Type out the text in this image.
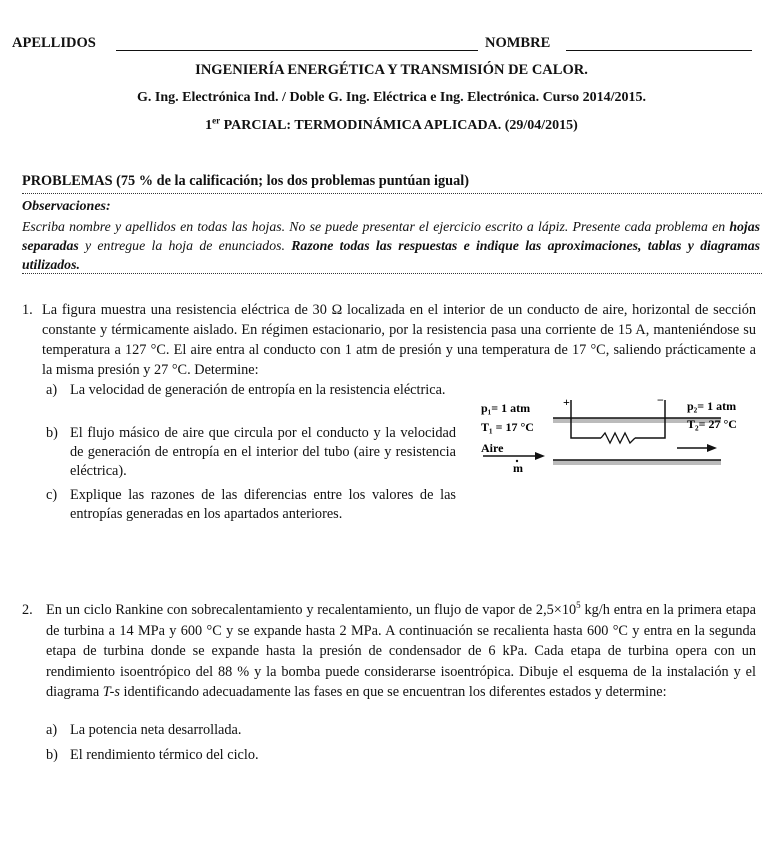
APELLIDOS	NOMBRE
INGENIERÍA ENERGÉTICA Y TRANSMISIÓN DE CALOR.
G. Ing. Electrónica Ind. / Doble G. Ing. Eléctrica e Ing. Electrónica. Curso 2014/2015.
1er PARCIAL: TERMODINÁMICA APLICADA. (29/04/2015)
PROBLEMAS (75 % de la calificación; los dos problemas puntúan igual)
Observaciones:
Escriba nombre y apellidos en todas las hojas. No se puede presentar el ejercicio escrito a lápiz. Presente cada problema en hojas separadas y entregue la hoja de enunciados. Razone todas las respuestas e indique las aproximaciones, tablas y diagramas utilizados.
1. La figura muestra una resistencia eléctrica de 30 Ω localizada en el interior de un conducto de aire, horizontal de sección constante y térmicamente aislado. En régimen estacionario, por la resistencia pasa una corriente de 15 A, manteniéndose su temperatura a 127 °C. El aire entra al conducto con 1 atm de presión y una temperatura de 17 °C, saliendo prácticamente a la misma presión y 27 °C. Determine:
a) La velocidad de generación de entropía en la resistencia eléctrica.
b) El flujo másico de aire que circula por el conducto y la velocidad de generación de entropía en el interior del tubo (aire y resistencia eléctrica).
c) Explique las razones de las diferencias entre los valores de las entropías generadas en los apartados anteriores.
+	−
p₁= 1 atm
T₁ = 17 °C
Aire
m
p₂= 1 atm
T₂= 27 °C
2. En un ciclo Rankine con sobrecalentamiento y recalentamiento, un flujo de vapor de $2,5\times 10^5$ kg/h entra en la primera etapa de turbina a 14 MPa y 600 °C y se expande hasta 2 MPa. A continuación se recalienta hasta 600 °C y entra en la segunda etapa de turbina donde se expande hasta la presión de condensador de 6 kPa. Cada etapa de turbina opera con un rendimiento isoentrópico del 88 % y la bomba puede considerarse isoentrópica. Dibuje el esquema de la instalación y el diagrama T-s identificando adecuadamente las fases en que se encuentran los diferentes estados y determine:
a) La potencia neta desarrollada.
b) El rendimiento térmico del ciclo.
